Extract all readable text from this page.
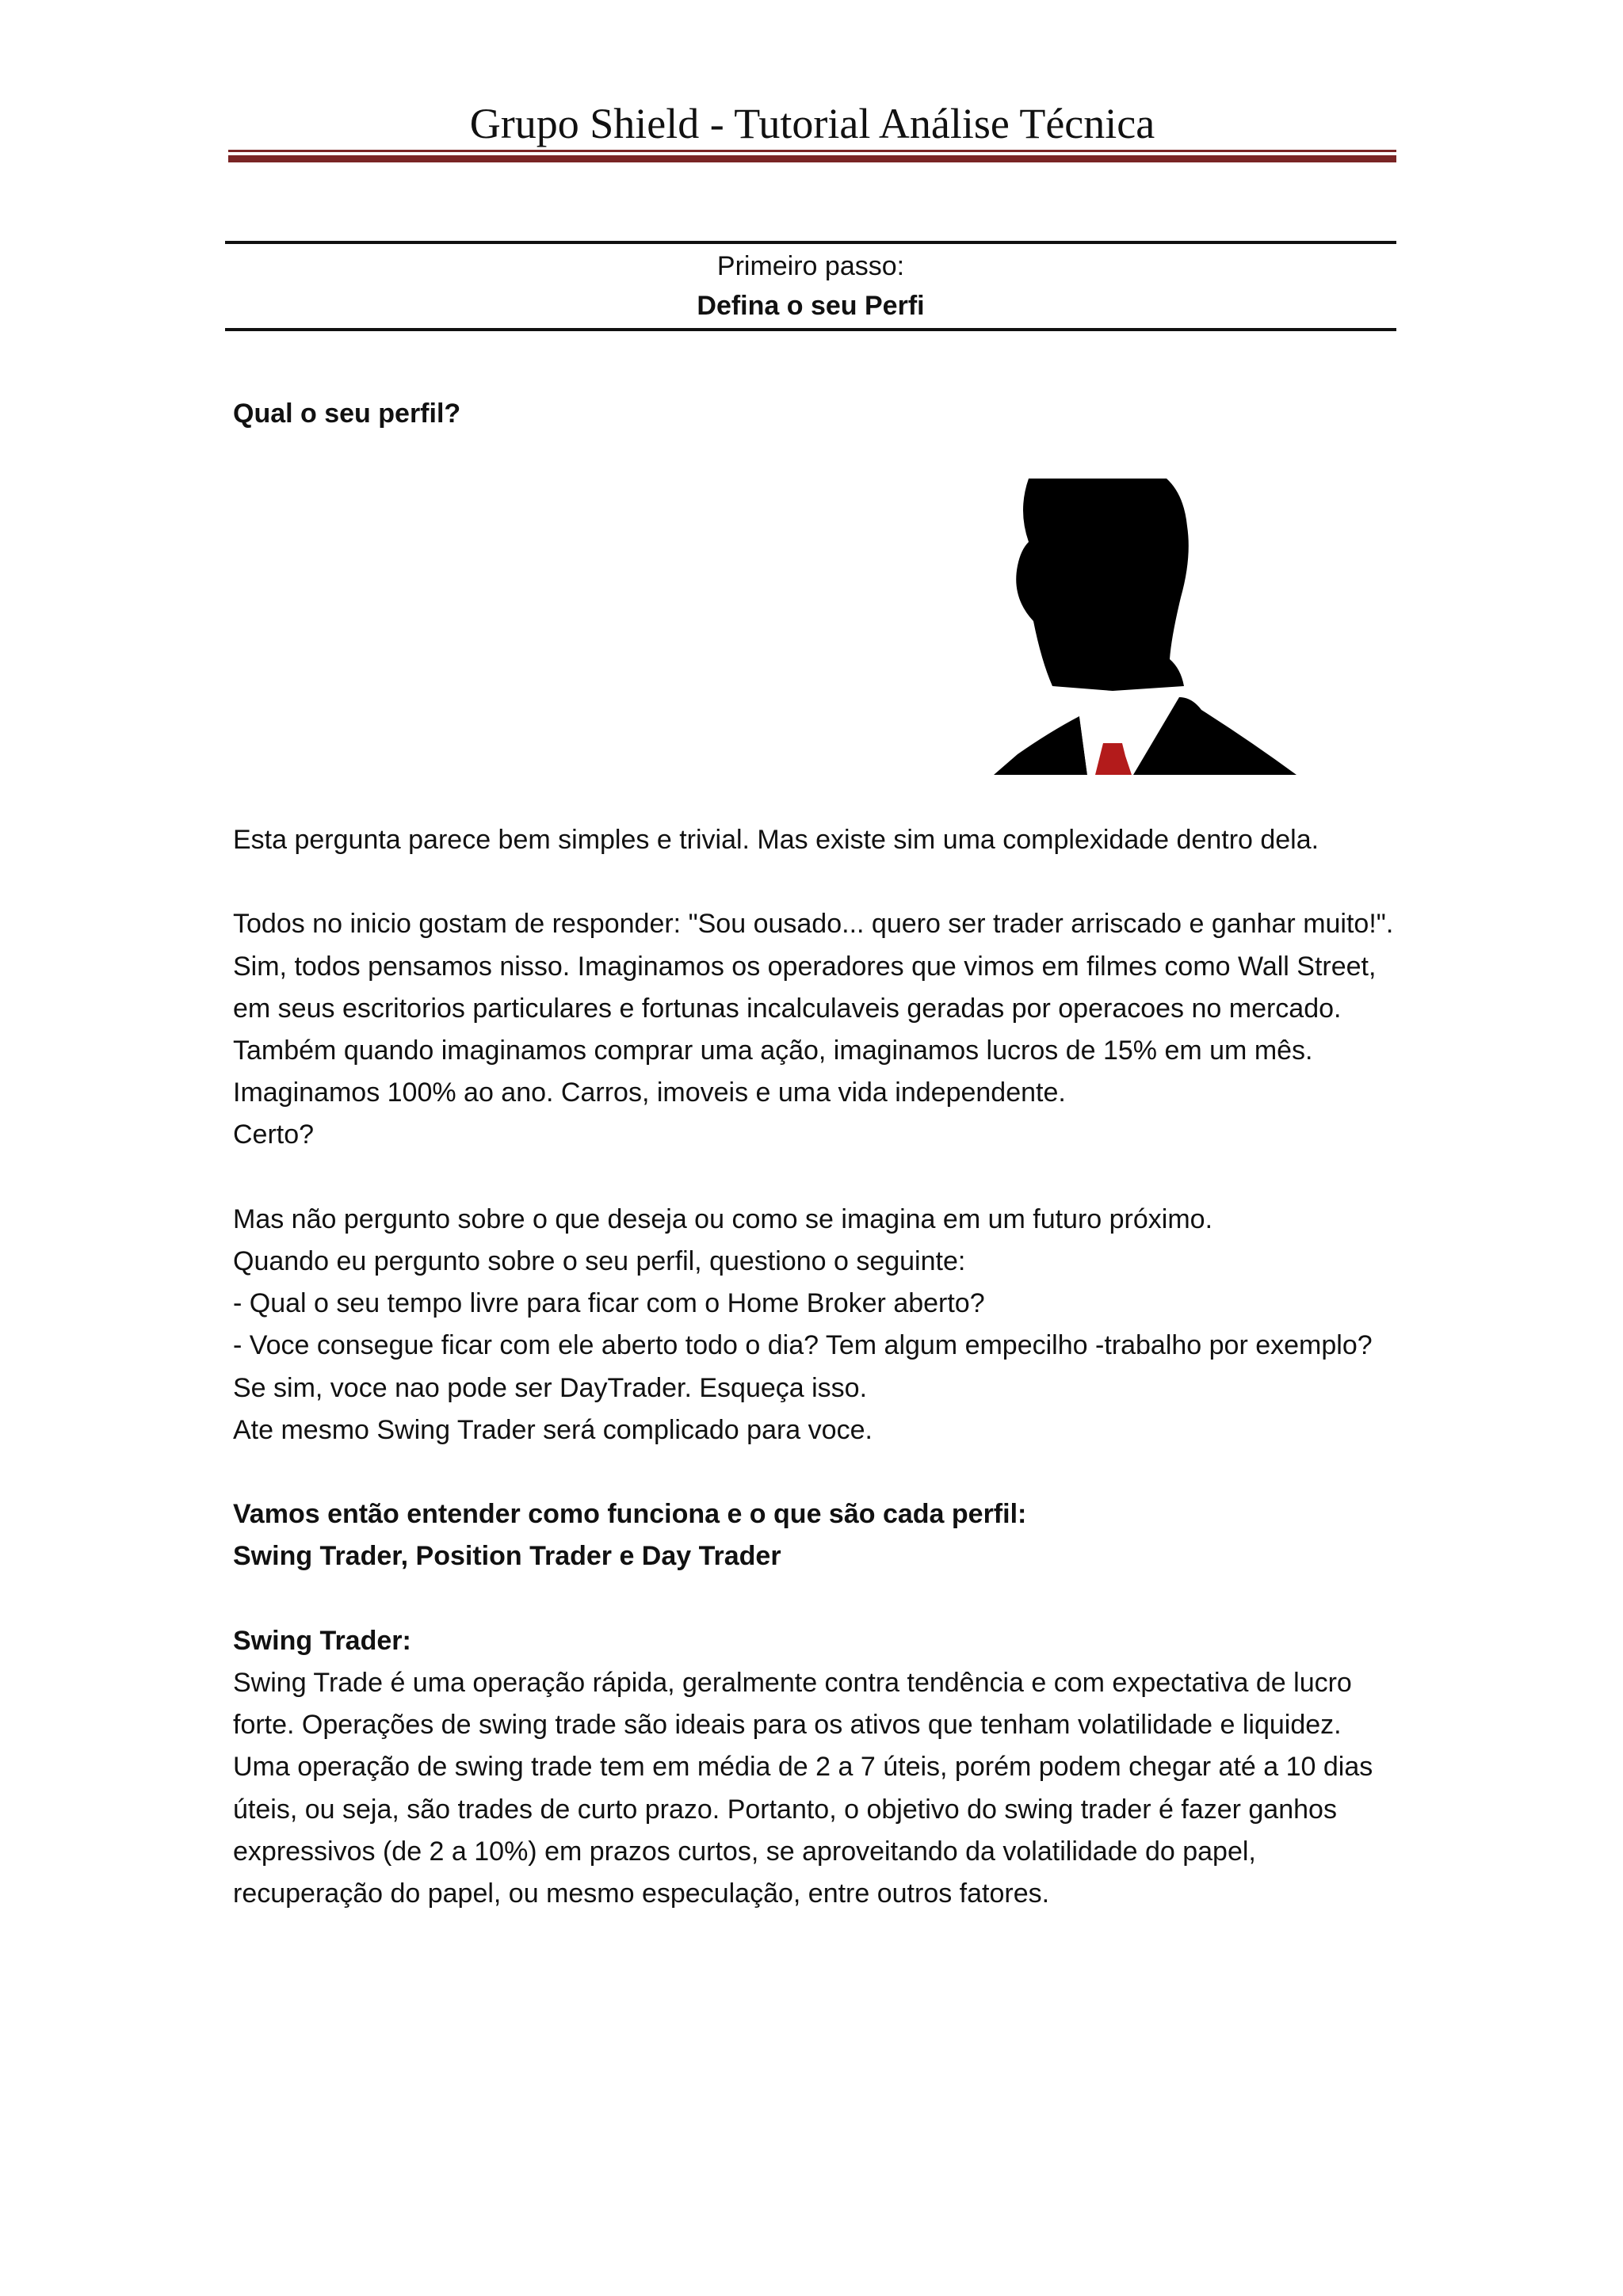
Grupo Shield - Tutorial Análise Técnica
Primeiro passo:
Defina o seu Perfi
Qual o seu perfil?

Esta pergunta parece bem simples e trivial. Mas existe sim uma complexidade dentro dela.

Todos no inicio gostam de responder: "Sou ousado... quero ser trader arriscado e ganhar muito!".

Sim, todos pensamos nisso. Imaginamos os operadores que vimos em filmes como Wall Street, em seus escritorios particulares e fortunas incalculaveis geradas por operacoes no mercado.

Também quando imaginamos comprar uma ação, imaginamos lucros de 15% em um mês.

Imaginamos 100% ao ano. Carros, imoveis e uma vida independente.

Certo?

Mas não pergunto sobre o que deseja ou como se imagina em um futuro próximo.

Quando eu pergunto sobre o seu perfil, questiono o seguinte:

- Qual o seu tempo livre para ficar com o Home Broker aberto?

- Voce consegue ficar com ele aberto todo o dia? Tem algum empecilho -trabalho por exemplo?

Se sim, voce nao pode ser DayTrader. Esqueça isso.

Ate mesmo Swing Trader será complicado para voce.

Vamos então entender como funciona e o que são cada perfil:

Swing Trader, Position Trader e Day Trader

Swing Trader:

Swing Trade é uma operação rápida, geralmente contra tendência e com expectativa de lucro forte. Operações de swing trade são ideais para os ativos que tenham volatilidade e liquidez. Uma operação de swing trade tem em média de 2 a 7 úteis, porém podem chegar até a 10 dias úteis, ou seja, são trades de curto prazo. Portanto, o objetivo do swing trader é fazer ganhos expressivos (de 2 a 10%) em prazos curtos, se aproveitando da volatilidade do papel, recuperação do papel, ou mesmo especulação, entre outros fatores.
